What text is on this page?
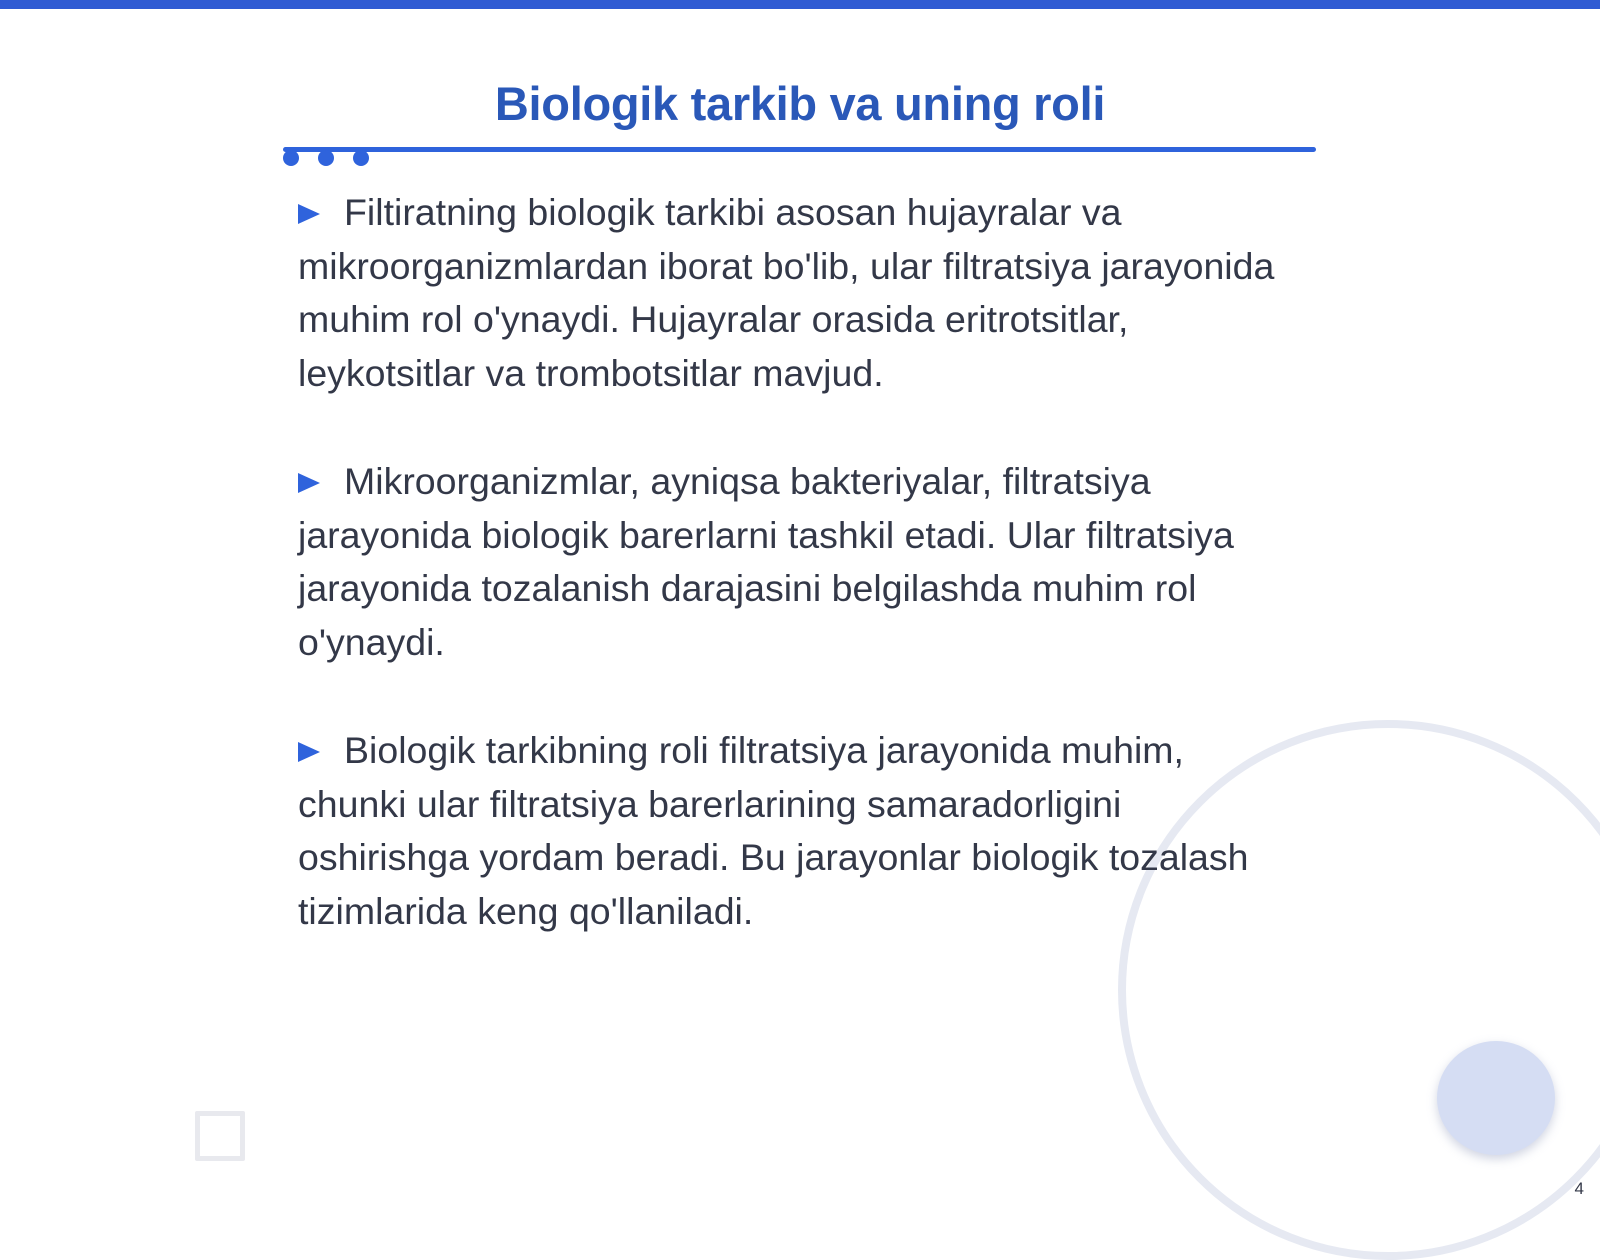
Biologik tarkib va uning roli

Filtiratning biologik tarkibi asosan hujayralar va mikroorganizmlardan iborat bo'lib, ular filtratsiya jarayonida muhim rol o'ynaydi. Hujayralar orasida eritrotsitlar, leykotsitlar va trombotsitlar mavjud.

Mikroorganizmlar, ayniqsa bakteriyalar, filtratsiya jarayonida biologik barerlarni tashkil etadi. Ular filtratsiya jarayonida tozalanish darajasini belgilashda muhim rol o'ynaydi.

Biologik tarkibning roli filtratsiya jarayonida muhim, chunki ular filtratsiya barerlarining samaradorligini oshirishga yordam beradi. Bu jarayonlar biologik tozalash tizimlarida keng qo'llaniladi.

4
